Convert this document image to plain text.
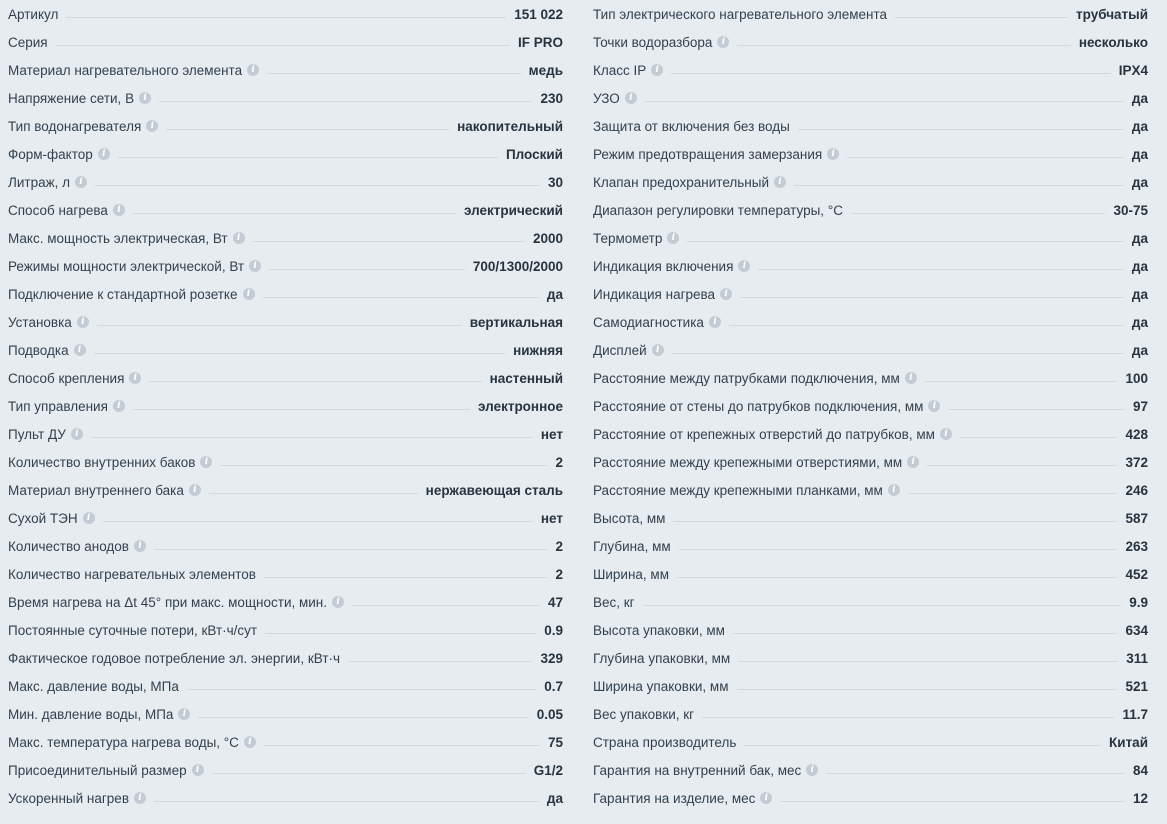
Артикул	151 022
Серия	IF PRO
Материал нагревательного элемента	i	медь
Напряжение сети, В	i	230
Тип водонагревателя	i	накопительный
Форм-фактор	i	Плоский
Литраж, л	i	30
Способ нагрева	i	электрический
Макс. мощность электрическая, Вт	i	2000
Режимы мощности электрической, Вт	i	700/1300/2000
Подключение к стандартной розетке	i	да
Установка	i	вертикальная
Подводка	i	нижняя
Способ крепления	i	настенный
Тип управления	i	электронное
Пульт ДУ	i	нет
Количество внутренних баков	i	2
Материал внутреннего бака	i	нержавеющая сталь
Сухой ТЭН	i	нет
Количество анодов	i	2
Количество нагревательных элементов	2
Время нагрева на Δt 45° при макс. мощности, мин.	i	47
Постоянные суточные потери, кВт·ч/сут	0.9
Фактическое годовое потребление эл. энергии, кВт·ч	329
Макс. давление воды, МПа	0.7
Мин. давление воды, МПа	i	0.05
Макс. температура нагрева воды, °С	i	75
Присоединительный размер	i	G1/2
Ускоренный нагрев	i	да
Тип электрического нагревательного элемента	трубчатый
Точки водоразбора	i	несколько
Класс IP	i	IPX4
УЗО	i	да
Защита от включения без воды	да
Режим предотвращения замерзания	i	да
Клапан предохранительный	i	да
Диапазон регулировки температуры, °С	30-75
Термометр	i	да
Индикация включения	i	да
Индикация нагрева	i	да
Самодиагностика	i	да
Дисплей	i	да
Расстояние между патрубками подключения, мм	i	100
Расстояние от стены до патрубков подключения, мм	i	97
Расстояние от крепежных отверстий до патрубков, мм	i	428
Расстояние между крепежными отверстиями, мм	i	372
Расстояние между крепежными планками, мм	i	246
Высота, мм	587
Глубина, мм	263
Ширина, мм	452
Вес, кг	9.9
Высота упаковки, мм	634
Глубина упаковки, мм	311
Ширина упаковки, мм	521
Вес упаковки, кг	11.7
Страна производитель	Китай
Гарантия на внутренний бак, мес	i	84
Гарантия на изделие, мес	i	12
